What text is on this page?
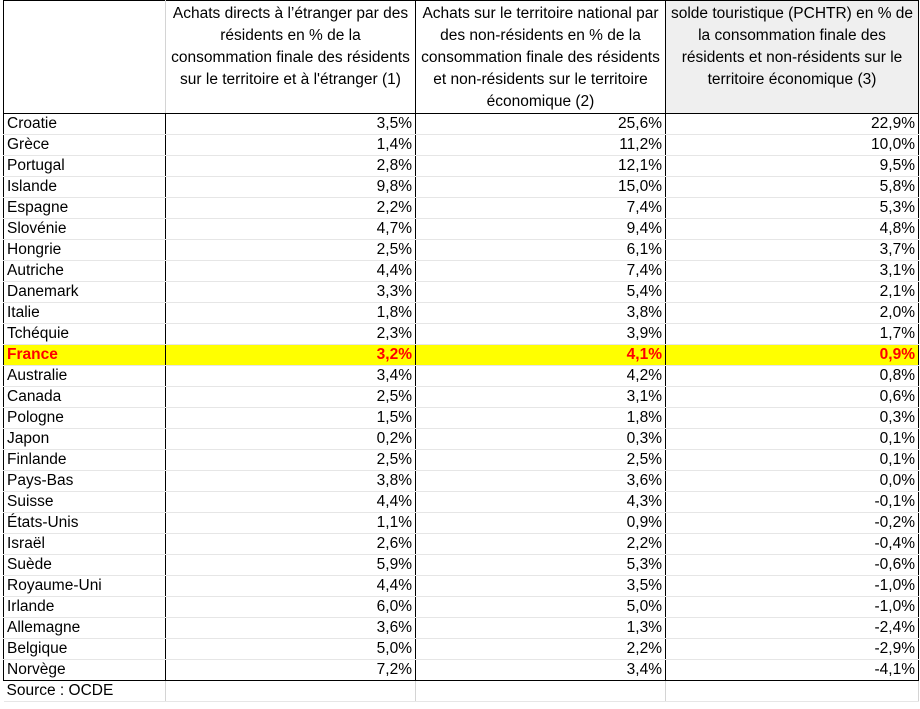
	Achats directs à l’étranger par des résidents en % de la consommation finale des résidents sur le territoire et à l'étranger (1)	Achats sur le territoire national par des non-résidents en % de la consommation finale des résidents et non-résidents sur le territoire économique (2)	solde touristique (PCHTR) en % de la consommation finale des résidents et non-résidents sur le territoire économique (3)
Croatie	3,5%	25,6%	22,9%
Grèce	1,4%	11,2%	10,0%
Portugal	2,8%	12,1%	9,5%
Islande	9,8%	15,0%	5,8%
Espagne	2,2%	7,4%	5,3%
Slovénie	4,7%	9,4%	4,8%
Hongrie	2,5%	6,1%	3,7%
Autriche	4,4%	7,4%	3,1%
Danemark	3,3%	5,4%	2,1%
Italie	1,8%	3,8%	2,0%
Tchéquie	2,3%	3,9%	1,7%
France	3,2%	4,1%	0,9%
Australie	3,4%	4,2%	0,8%
Canada	2,5%	3,1%	0,6%
Pologne	1,5%	1,8%	0,3%
Japon	0,2%	0,3%	0,1%
Finlande	2,5%	2,5%	0,1%
Pays-Bas	3,8%	3,6%	0,0%
Suisse	4,4%	4,3%	-0,1%
États-Unis	1,1%	0,9%	-0,2%
Israël	2,6%	2,2%	-0,4%
Suède	5,9%	5,3%	-0,6%
Royaume-Uni	4,4%	3,5%	-1,0%
Irlande	6,0%	5,0%	-1,0%
Allemagne	3,6%	1,3%	-2,4%
Belgique	5,0%	2,2%	-2,9%
Norvège	7,2%	3,4%	-4,1%
Source : OCDE			
